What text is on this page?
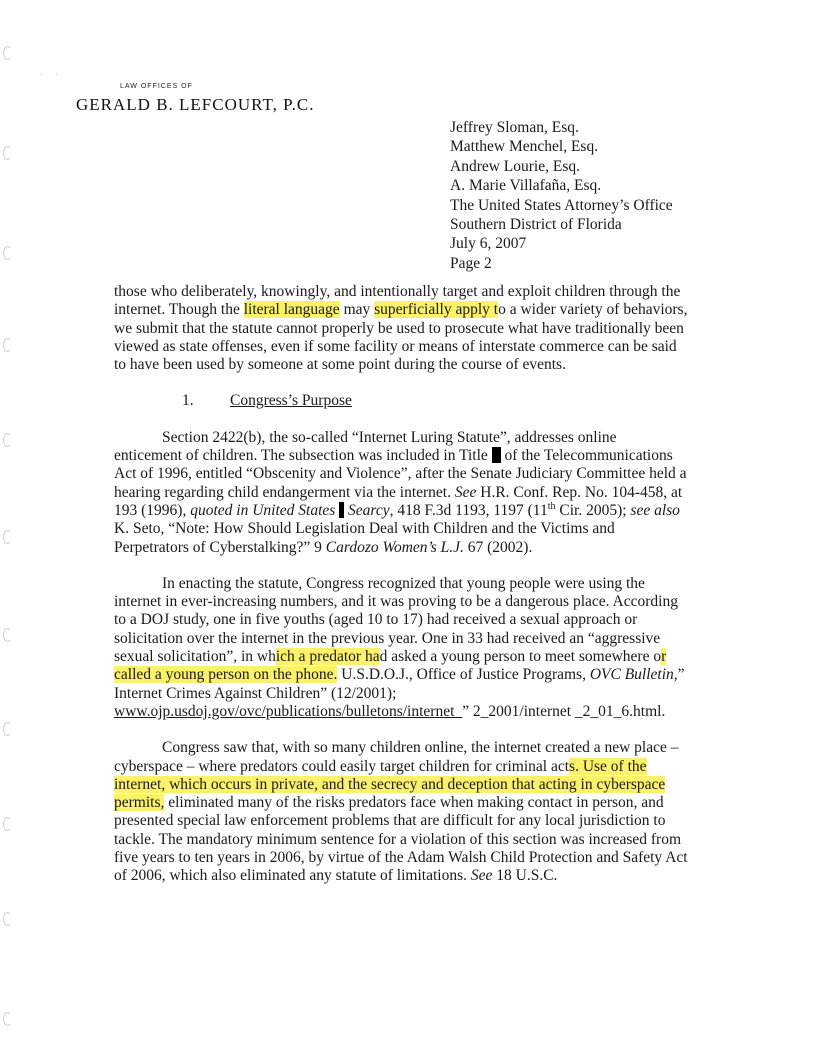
· ·
LAW OFFICES OF
GERALD B. LEFCOURT, P.C.
Jeffrey Sloman, Esq.
Matthew Menchel, Esq.
Andrew Lourie, Esq.
A. Marie Villafaña, Esq.
The United States Attorney’s Office
Southern District of Florida
July 6, 2007
Page 2

those who deliberately, knowingly, and intentionally target and exploit children through the internet. Though the literal language may superficially apply to a wider variety of behaviors, we submit that the statute cannot properly be used to prosecute what have traditionally been viewed as state offenses, even if some facility or means of interstate commerce can be said to have been used by someone at some point during the course of events.

1. Congress’s Purpose

Section 2422(b), the so-called “Internet Luring Statute”, addresses online enticement of children. The subsection was included in Title  of the Telecommunications Act of 1996, entitled “Obscenity and Violence”, after the Senate Judiciary Committee held a hearing regarding child endangerment via the internet. See H.R. Conf. Rep. No. 104-458, at 193 (1996), quoted in United States  Searcy, 418 F.3d 1193, 1197 (11th Cir. 2005); see also K. Seto, “Note: How Should Legislation Deal with Children and the Victims and Perpetrators of Cyberstalking?” 9 Cardozo Women’s L.J. 67 (2002).

In enacting the statute, Congress recognized that young people were using the internet in ever-increasing numbers, and it was proving to be a dangerous place. According to a DOJ study, one in five youths (aged 10 to 17) had received a sexual approach or solicitation over the internet in the previous year. One in 33 had received an “aggressive sexual solicitation”, in which a predator had asked a young person to meet somewhere or called a young person on the phone. U.S.D.O.J., Office of Justice Programs, OVC Bulletin,” Internet Crimes Against Children” (12/2001); www.ojp.usdoj.gov/ovc/publications/bulletons/internet_” 2_2001/internet _2_01_6.html.

Congress saw that, with so many children online, the internet created a new place – cyberspace – where predators could easily target children for criminal acts. Use of the internet, which occurs in private, and the secrecy and deception that acting in cyberspace permits, eliminated many of the risks predators face when making contact in person, and presented special law enforcement problems that are difficult for any local jurisdiction to tackle. The mandatory minimum sentence for a violation of this section was increased from five years to ten years in 2006, by virtue of the Adam Walsh Child Protection and Safety Act of 2006, which also eliminated any statute of limitations. See 18 U.S.C.
